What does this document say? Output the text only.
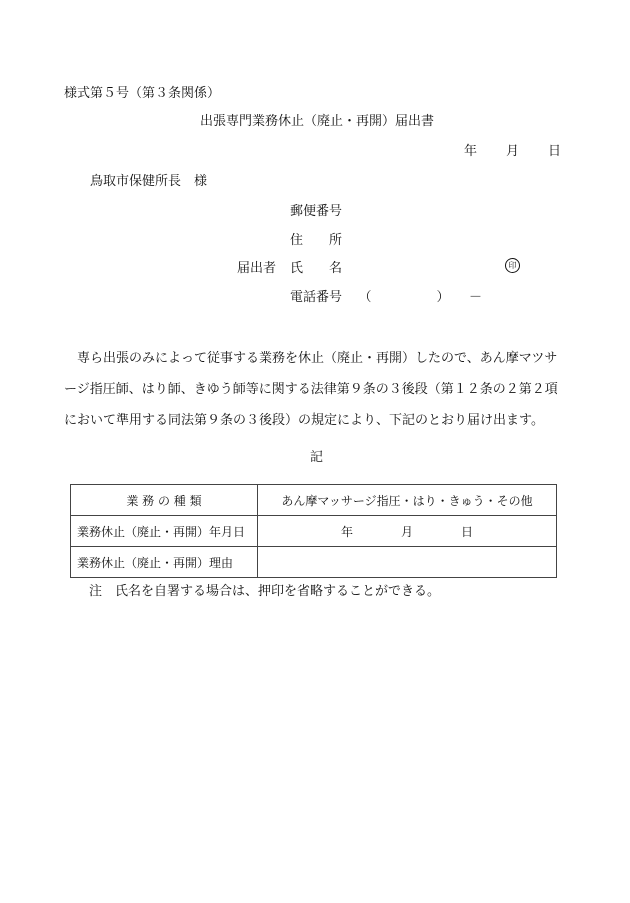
様式第５号（第３条関係）
出張専門業務休止（廃止・再開）届出書
年 月 日
鳥取市保健所長　様
郵便番号
住　　所
届出者 氏　　名	印
電話番号 （　　　　　）　　－
専ら出張のみによって従事する業務を休止（廃止・再開）したので、あん摩マツサージ指圧師、はり師、きゆう師等に関する法律第９条の３後段（第１２条の２第２項において準用する同法第９条の３後段）の規定により、下記のとおり届け出ます。
記
業 務 の 種 類	あん摩マッサージ指圧・はり・きゅう・その他
業務休止（廃止・再開）年月日	年　　　　月　　　　日
業務休止（廃止・再開）理由	
注　氏名を自署する場合は、押印を省略することができる。
